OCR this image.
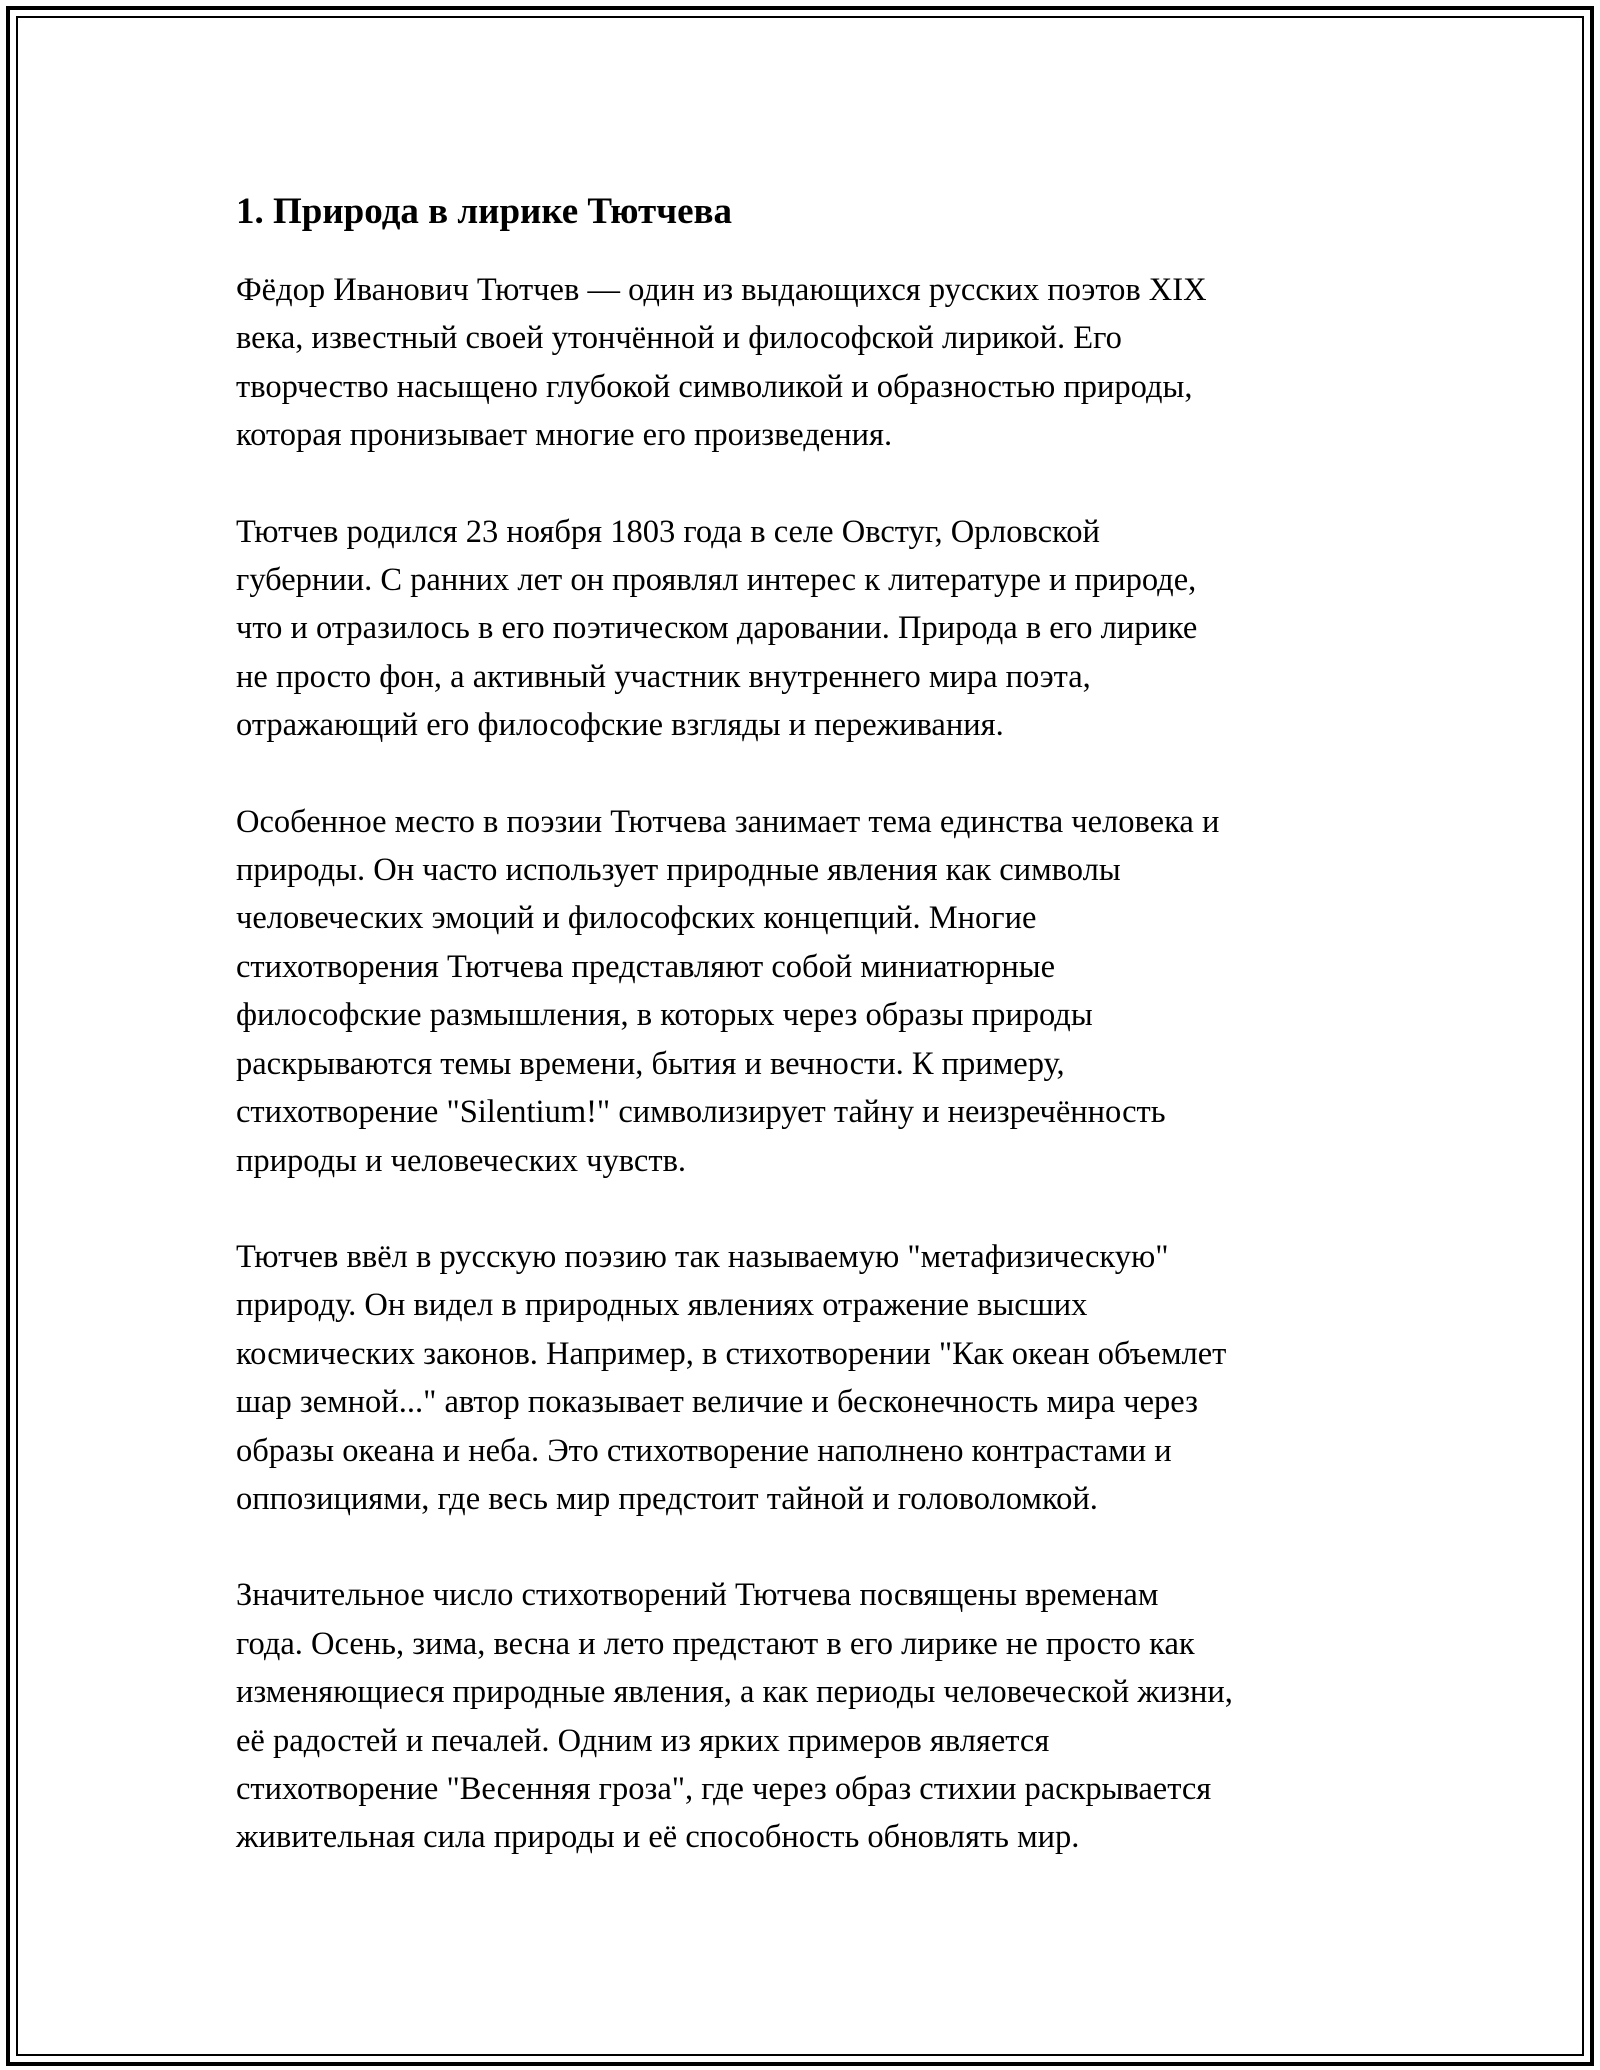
1. Природа в лирике Тютчева

Фёдор Иванович Тютчев — один из выдающихся русских поэтов XIX
века, известный своей утончённой и философской лирикой. Его
творчество насыщено глубокой символикой и образностью природы,
которая пронизывает многие его произведения.

Тютчев родился 23 ноября 1803 года в селе Овстуг, Орловской
губернии. С ранних лет он проявлял интерес к литературе и природе,
что и отразилось в его поэтическом даровании. Природа в его лирике
не просто фон, а активный участник внутреннего мира поэта,
отражающий его философские взгляды и переживания.

Особенное место в поэзии Тютчева занимает тема единства человека и
природы. Он часто использует природные явления как символы
человеческих эмоций и философских концепций. Многие
стихотворения Тютчева представляют собой миниатюрные
философские размышления, в которых через образы природы
раскрываются темы времени, бытия и вечности. К примеру,
стихотворение "Silentium!" символизирует тайну и неизречённость
природы и человеческих чувств.

Тютчев ввёл в русскую поэзию так называемую "метафизическую"
природу. Он видел в природных явлениях отражение высших
космических законов. Например, в стихотворении "Как океан объемлет
шар земной..." автор показывает величие и бесконечность мира через
образы океана и неба. Это стихотворение наполнено контрастами и
оппозициями, где весь мир предстоит тайной и головоломкой.

Значительное число стихотворений Тютчева посвящены временам
года. Осень, зима, весна и лето предстают в его лирике не просто как
изменяющиеся природные явления, а как периоды человеческой жизни,
её радостей и печалей. Одним из ярких примеров является
стихотворение "Весенняя гроза", где через образ стихии раскрывается
живительная сила природы и её способность обновлять мир.
